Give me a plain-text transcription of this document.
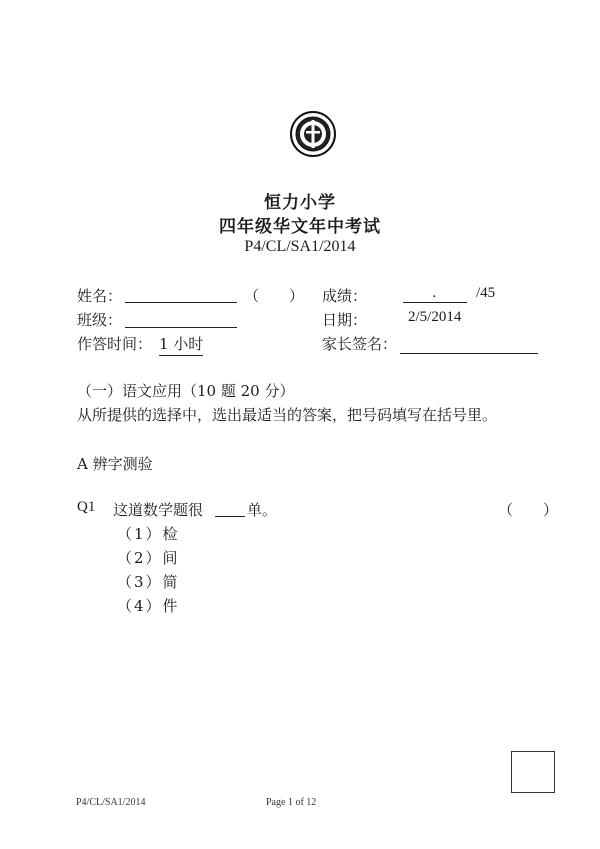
恒力小学
四年级华文年中考试
P4/CL/SA1/2014
姓名：	（　　） 成绩：	.	/45
班级：	日期：	2/5/2014
作答时间： 1 小时	家长签名：
（一）语文应用（10 题 20 分）
从所提供的选择中，选出最适当的答案，把号码填写在括号里。
A 辨字测验
Q1 这道数学题很	单。	（　　）
（1）检
（2）间
（3）简
（4）件
P4/CL/SA1/2014	Page 1 of 12
